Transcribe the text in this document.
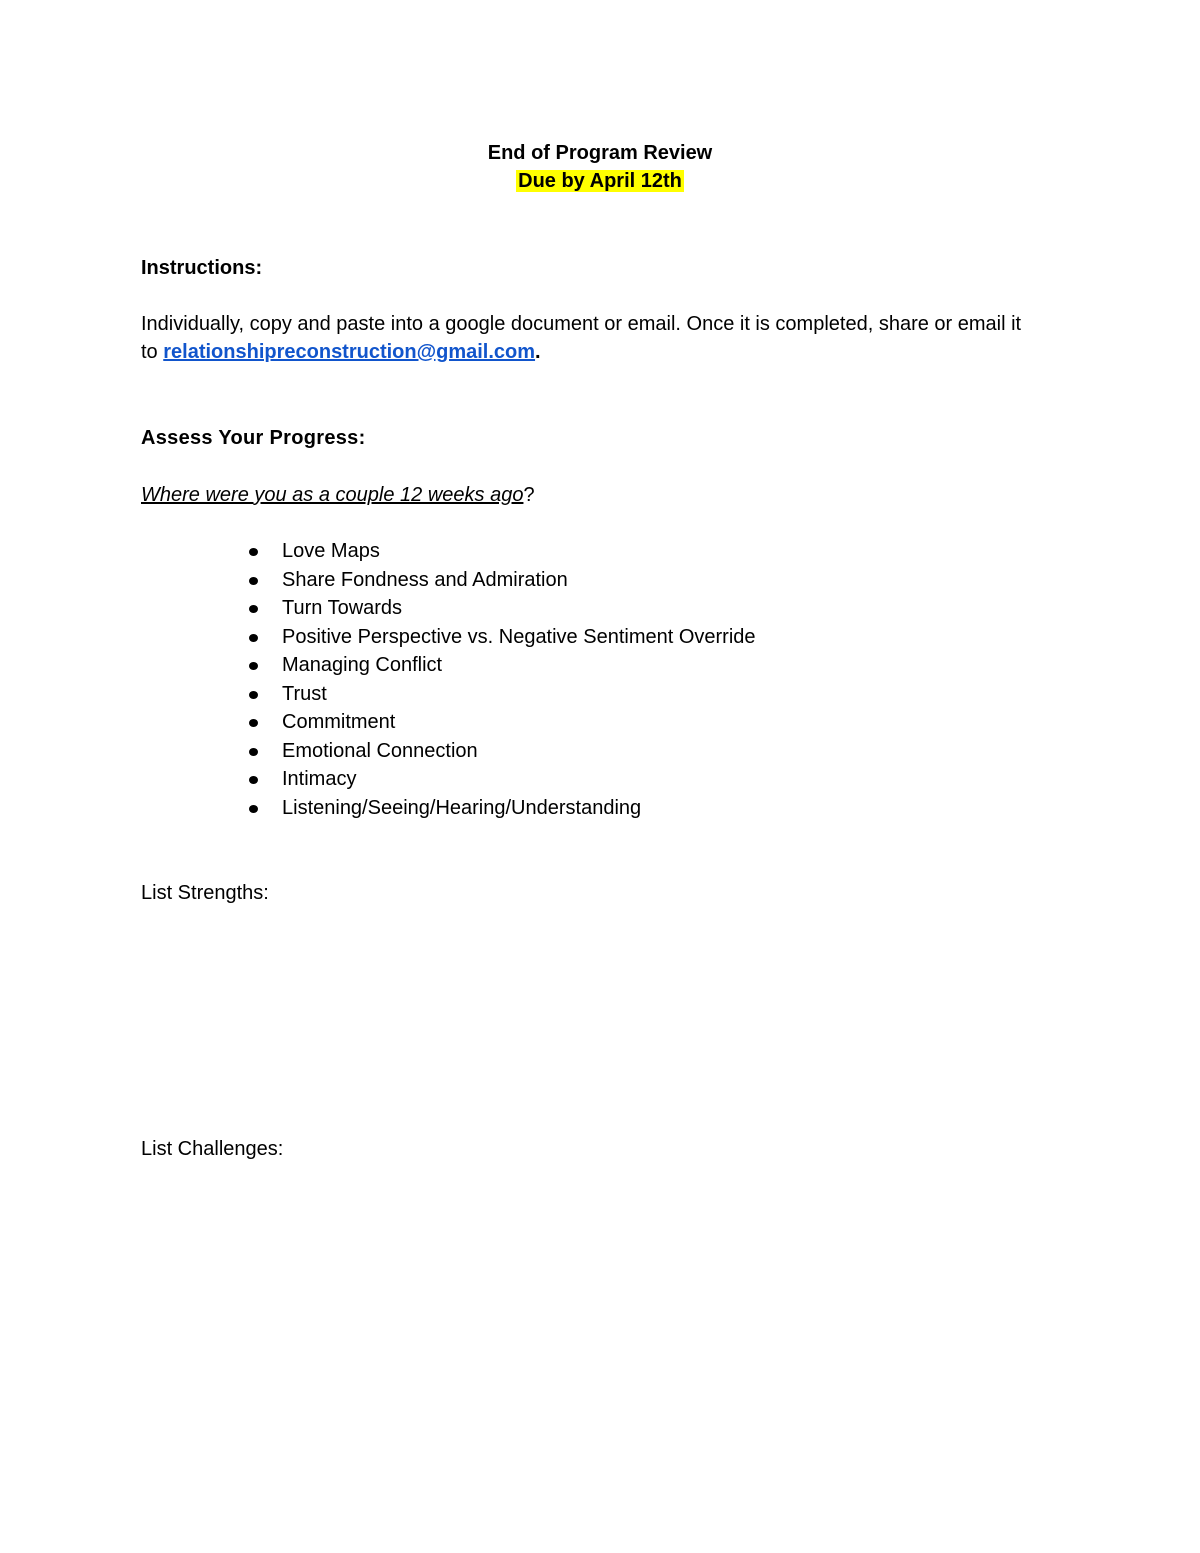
End of Program Review

Due by April 12th

Instructions:
Individually, copy and paste into a google document or email. Once it is completed, share or email it to relationshipreconstruction@gmail.com.
Assess Your Progress:
Where were you as a couple 12 weeks ago?
Love Maps
Share Fondness and Admiration
Turn Towards
Positive Perspective vs. Negative Sentiment Override
Managing Conflict
Trust
Commitment
Emotional Connection
Intimacy
Listening/Seeing/Hearing/Understanding
List Strengths:
List Challenges:
